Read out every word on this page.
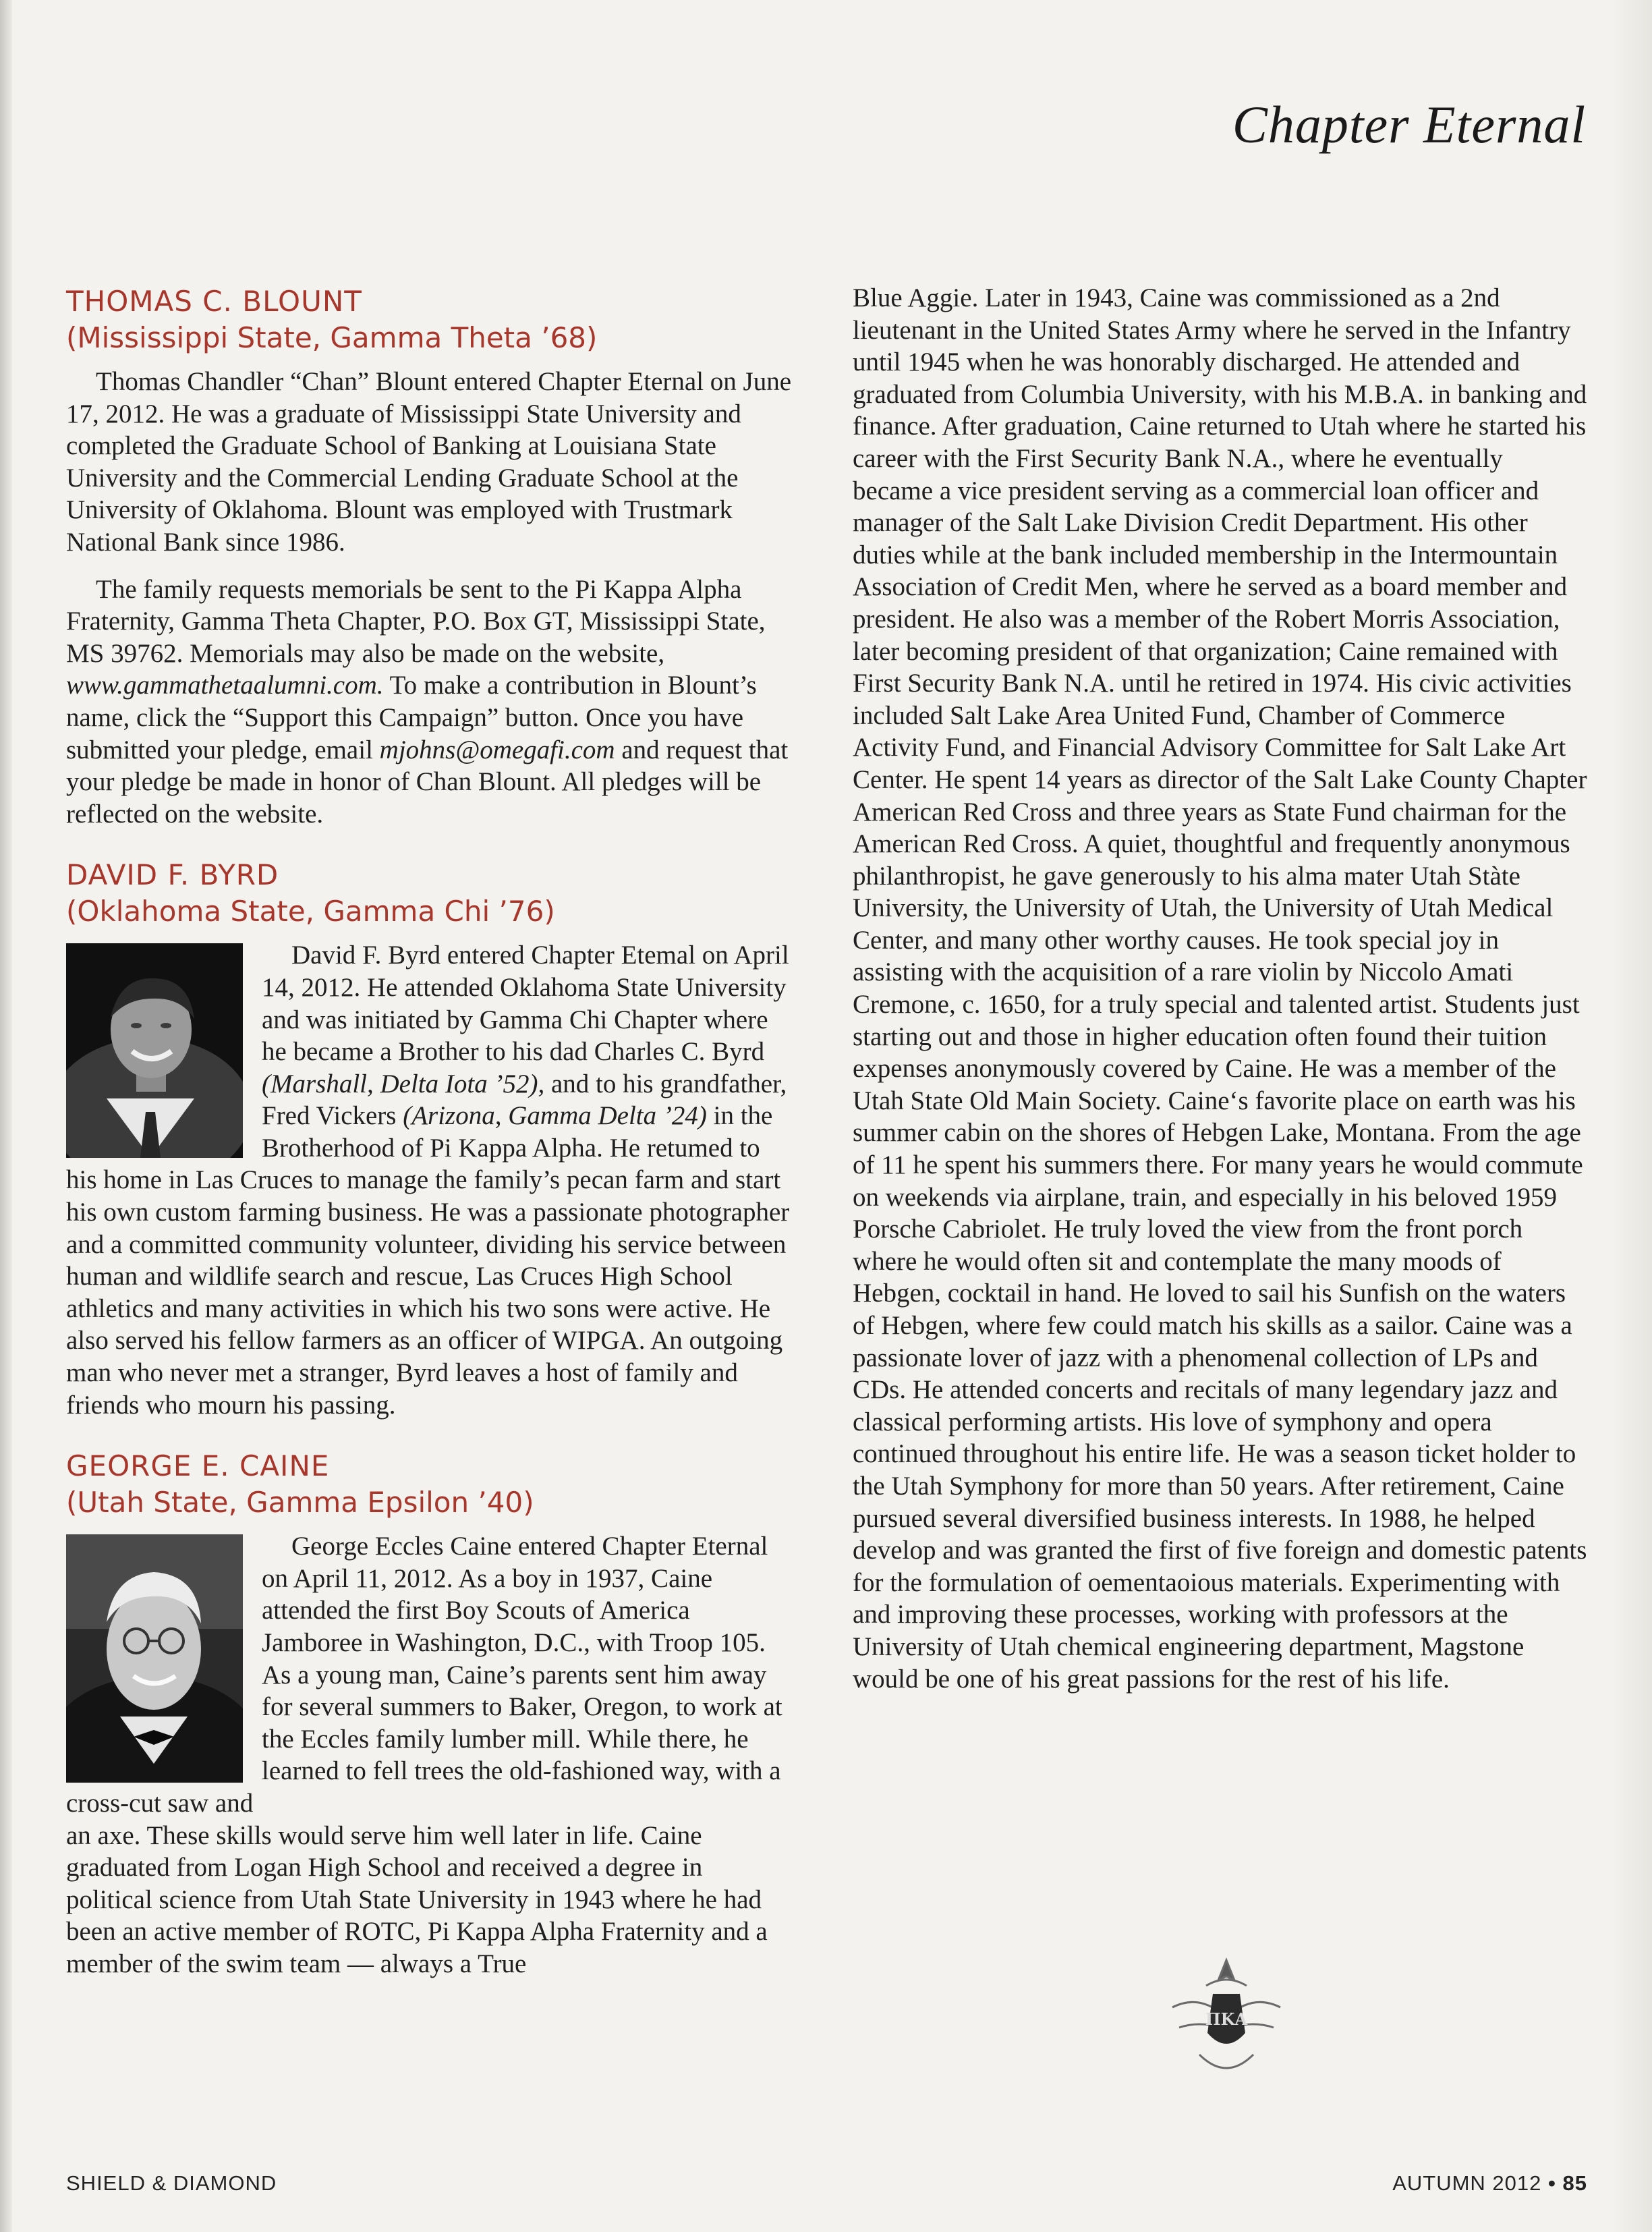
Chapter Eternal
THOMAS C. BLOUNT
(Mississippi State, Gamma Theta ’68)

Thomas Chandler “Chan” Blount entered Chapter Eternal on June 17, 2012. He was a graduate of Mississippi State University and completed the Graduate School of Banking at Louisiana State University and the Commercial Lending Graduate School at the University of Oklahoma. Blount was employed with Trustmark National Bank since 1986.

The family requests memorials be sent to the Pi Kappa Alpha Fraternity, Gamma Theta Chapter, P.O. Box GT, Mississippi State, MS 39762. Memorials may also be made on the website, www.gammathetaalumni.com. To make a contribution in Blount’s name, click the “Support this Campaign” button. Once you have submitted your pledge, email mjohns@omegafi.com and request that your pledge be made in honor of Chan Blount. All pledges will be reflected on the website.

DAVID F. BYRD
(Oklahoma State, Gamma Chi ’76)

David F. Byrd entered Chapter Etemal on April 14, 2012. He attended Oklahoma State University and was initiated by Gamma Chi Chapter where he became a Brother to his dad Charles C. Byrd (Marshall, Delta Iota ’52), and to his grandfather, Fred Vickers (Arizona, Gamma Delta ’24) in the Brotherhood of Pi Kappa Alpha. He retumed to his home in Las Cruces to manage the family’s pecan farm and start his own custom farming business. He was a passionate photographer and a committed community volunteer, dividing his service between human and wildlife search and rescue, Las Cruces High School athletics and many activities in which his two sons were active. He also served his fellow farmers as an officer of WIPGA. An outgoing man who never met a stranger, Byrd leaves a host of family and friends who mourn his passing.

GEORGE E. CAINE
(Utah State, Gamma Epsilon ’40)

George Eccles Caine entered Chapter Eternal on April 11, 2012. As a boy in 1937, Caine attended the first Boy Scouts of America Jamboree in Washington, D.C., with Troop 105. As a young man, Caine’s parents sent him away for several summers to Baker, Oregon, to work at the Eccles family lumber mill. While there, he learned to fell trees the old-fashioned way, with a cross-cut saw and

an axe. These skills would serve him well later in life. Caine graduated from Logan High School and received a degree in political science from Utah State University in 1943 where he had been an active member of ROTC, Pi Kappa Alpha Fraternity and a member of the swim team — always a True

Blue Aggie. Later in 1943, Caine was commissioned as a 2nd lieutenant in the United States Army where he served in the Infantry until 1945 when he was honorably discharged. He attended and graduated from Columbia University, with his M.B.A. in banking and finance. After graduation, Caine returned to Utah where he started his career with the First Security Bank N.A., where he eventually became a vice president serving as a commercial loan officer and manager of the Salt Lake Division Credit Department. His other duties while at the bank included membership in the Intermountain Association of Credit Men, where he served as a board member and president. He also was a member of the Robert Morris Association, later becoming president of that organization; Caine remained with First Security Bank N.A. until he retired in 1974. His civic activities included Salt Lake Area United Fund, Chamber of Commerce Activity Fund, and Financial Advisory Committee for Salt Lake Art Center. He spent 14 years as director of the Salt Lake County Chapter American Red Cross and three years as State Fund chairman for the American Red Cross. A quiet, thoughtful and frequently anonymous philanthropist, he gave generously to his alma mater Utah Stàte University, the University of Utah, the University of Utah Medical Center, and many other worthy causes. He took special joy in assisting with the acquisition of a rare violin by Niccolo Amati Cremone, c. 1650, for a truly special and talented artist. Students just starting out and those in higher education often found their tuition expenses anonymously covered by Caine. He was a member of the Utah State Old Main Society. Caine‘s favorite place on earth was his summer cabin on the shores of Hebgen Lake, Montana. From the age of 11 he spent his summers there. For many years he would commute on weekends via airplane, train, and especially in his beloved 1959 Porsche Cabriolet. He truly loved the view from the front porch where he would often sit and contemplate the many moods of Hebgen, cocktail in hand. He loved to sail his Sunfish on the waters of Hebgen, where few could match his skills as a sailor. Caine was a passionate lover of jazz with a phenomenal collection of LPs and CDs. He attended concerts and recitals of many legendary jazz and classical performing artists. His love of symphony and opera continued throughout his entire life. He was a season ticket holder to the Utah Symphony for more than 50 years. After retirement, Caine pursued several diversified business interests. In 1988, he helped develop and was granted the first of five foreign and domestic patents for the formulation of oementaoious materials. Experimenting with and improving these processes, working with professors at the University of Utah chemical engineering department, Magstone would be one of his great passions for the rest of his life.

ΠΚΑ
SHIELD & DIAMOND	AUTUMN 2012 • 85
